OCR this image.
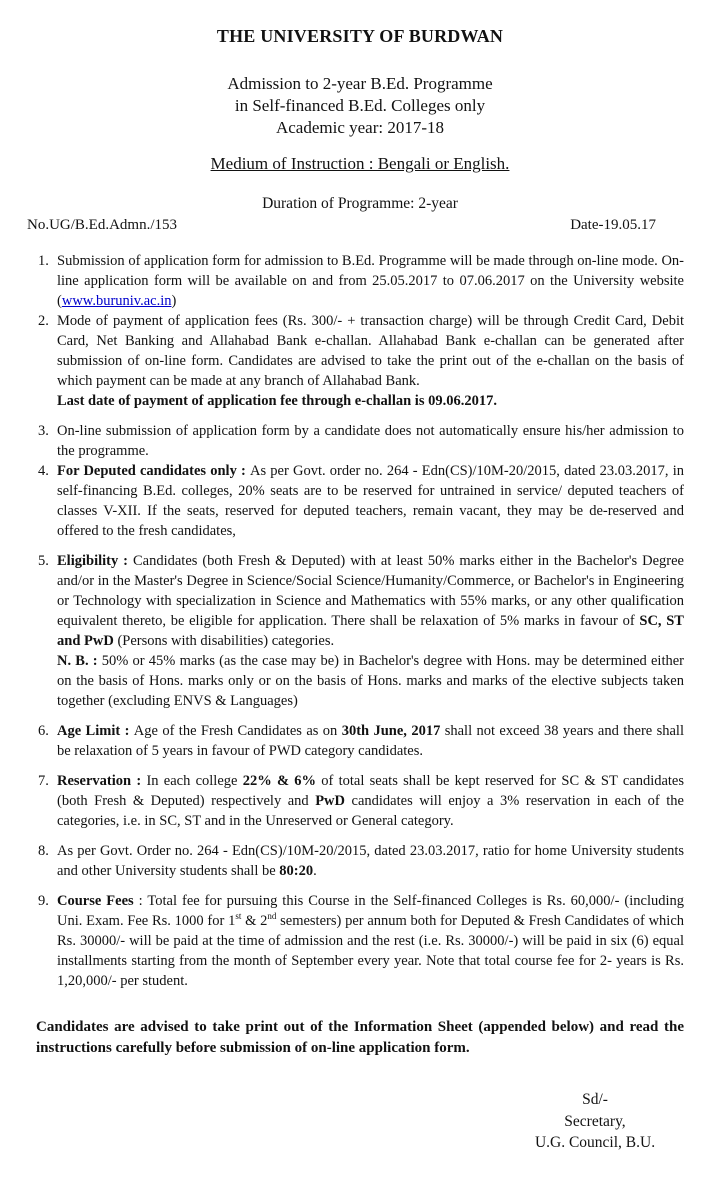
THE UNIVERSITY OF BURDWAN
Admission to 2-year B.Ed. Programme
in Self-financed B.Ed. Colleges only
Academic year: 2017-18
Medium of Instruction : Bengali or English.
Duration of Programme: 2-year
No.UG/B.Ed.Admn./153	Date-19.05.17
1. Submission of application form for admission to B.Ed. Programme will be made through on-line mode. On-line application form will be available on and from 25.05.2017 to 07.06.2017 on the University website (www.buruniv.ac.in)
2. Mode of payment of application fees (Rs. 300/- + transaction charge) will be through Credit Card, Debit Card, Net Banking and Allahabad Bank e-challan. Allahabad Bank e-challan can be generated after submission of on-line form. Candidates are advised to take the print out of the e-challan on the basis of which payment can be made at any branch of Allahabad Bank.
Last date of payment of application fee through e-challan is 09.06.2017.
3. On-line submission of application form by a candidate does not automatically ensure his/her admission to the programme.
4. For Deputed candidates only : As per Govt. order no. 264 - Edn(CS)/10M-20/2015, dated 23.03.2017, in self-financing B.Ed. colleges, 20% seats are to be reserved for untrained in service/ deputed teachers of classes V-XII. If the seats, reserved for deputed teachers, remain vacant, they may be de-reserved and offered to the fresh candidates,
5. Eligibility : Candidates (both Fresh & Deputed) with at least 50% marks either in the Bachelor's Degree and/or in the Master's Degree in Science/Social Science/Humanity/Commerce, or Bachelor's in Engineering or Technology with specialization in Science and Mathematics with 55% marks, or any other qualification equivalent thereto, be eligible for application. There shall be relaxation of 5% marks in favour of SC, ST and PwD (Persons with disabilities) categories.
N. B. : 50% or 45% marks (as the case may be) in Bachelor's degree with Hons. may be determined either on the basis of Hons. marks only or on the basis of Hons. marks and marks of the elective subjects taken together (excluding ENVS & Languages)
6. Age Limit : Age of the Fresh Candidates as on 30th June, 2017 shall not exceed 38 years and there shall be relaxation of 5 years in favour of PWD category candidates.
7. Reservation : In each college 22% & 6% of total seats shall be kept reserved for SC & ST candidates (both Fresh & Deputed) respectively and PwD candidates will enjoy a 3% reservation in each of the categories, i.e. in SC, ST and in the Unreserved or General category.
8. As per Govt. Order no. 264 - Edn(CS)/10M-20/2015, dated 23.03.2017, ratio for home University students and other University students shall be 80:20.
9. Course Fees : Total fee for pursuing this Course in the Self-financed Colleges is Rs. 60,000/- (including Uni. Exam. Fee Rs. 1000 for 1st & 2nd semesters) per annum both for Deputed & Fresh Candidates of which Rs. 30000/- will be paid at the time of admission and the rest (i.e. Rs. 30000/-) will be paid in six (6) equal installments starting from the month of September every year. Note that total course fee for 2- years is Rs. 1,20,000/- per student.
Candidates are advised to take print out of the Information Sheet (appended below) and read the instructions carefully before submission of on-line application form.
Sd/-
Secretary,
U.G. Council, B.U.
